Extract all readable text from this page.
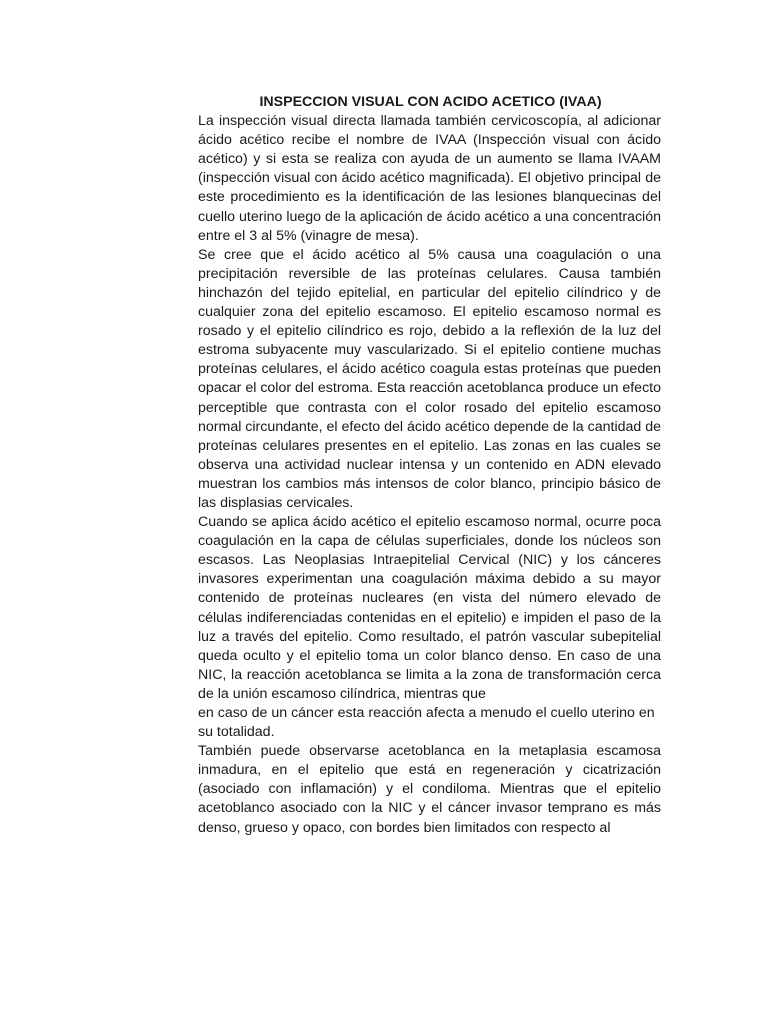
INSPECCION VISUAL CON ACIDO ACETICO (IVAA)

La inspección visual directa llamada también cervicoscopía, al adicionar ácido acético recibe el nombre de IVAA (Inspección visual con ácido acético) y si esta se realiza con ayuda de un aumento se llama IVAAM (inspección visual con ácido acético magnificada). El objetivo principal de este procedimiento es la identificación de las lesiones blanquecinas del cuello uterino luego de la aplicación de ácido acético a una concentración entre el 3 al 5% (vinagre de mesa).

Se cree que el ácido acético al 5% causa una coagulación o una precipitación reversible de las proteínas celulares. Causa también hinchazón del tejido epitelial, en particular del epitelio cilíndrico y de cualquier zona del epitelio escamoso. El epitelio escamoso normal es rosado y el epitelio cilíndrico es rojo, debido a la reflexión de la luz del estroma subyacente muy vascularizado. Si el epitelio contiene muchas proteínas celulares, el ácido acético coagula estas proteínas que pueden opacar el color del estroma. Esta reacción acetoblanca produce un efecto perceptible que contrasta con el color rosado del epitelio escamoso normal circundante, el efecto del ácido acético depende de la cantidad de proteínas celulares presentes en el epitelio. Las zonas en las cuales se observa una actividad nuclear intensa y un contenido en ADN elevado muestran los cambios más intensos de color blanco, principio básico de las displasias cervicales.

Cuando se aplica ácido acético el epitelio escamoso normal, ocurre poca coagulación en la capa de células superficiales, donde los núcleos son escasos. Las Neoplasias Intraepitelial Cervical (NIC) y los cánceres invasores experimentan una coagulación máxima debido a su mayor contenido de proteínas nucleares (en vista del número elevado de células indiferenciadas contenidas en el epitelio) e impiden el paso de la luz a través del epitelio. Como resultado, el patrón vascular subepitelial queda oculto y el epitelio toma un color blanco denso. En caso de una NIC, la reacción acetoblanca se limita a la zona de transformación cerca de la unión escamoso cilíndrica, mientras que

en caso de un cáncer esta reacción afecta a menudo el cuello uterino en su totalidad.

También puede observarse acetoblanca en la metaplasia escamosa inmadura, en el epitelio que está en regeneración y cicatrización (asociado con inflamación) y el condiloma. Mientras que el epitelio acetoblanco asociado con la NIC y el cáncer invasor temprano es más denso, grueso y opaco, con bordes bien limitados con respecto al
